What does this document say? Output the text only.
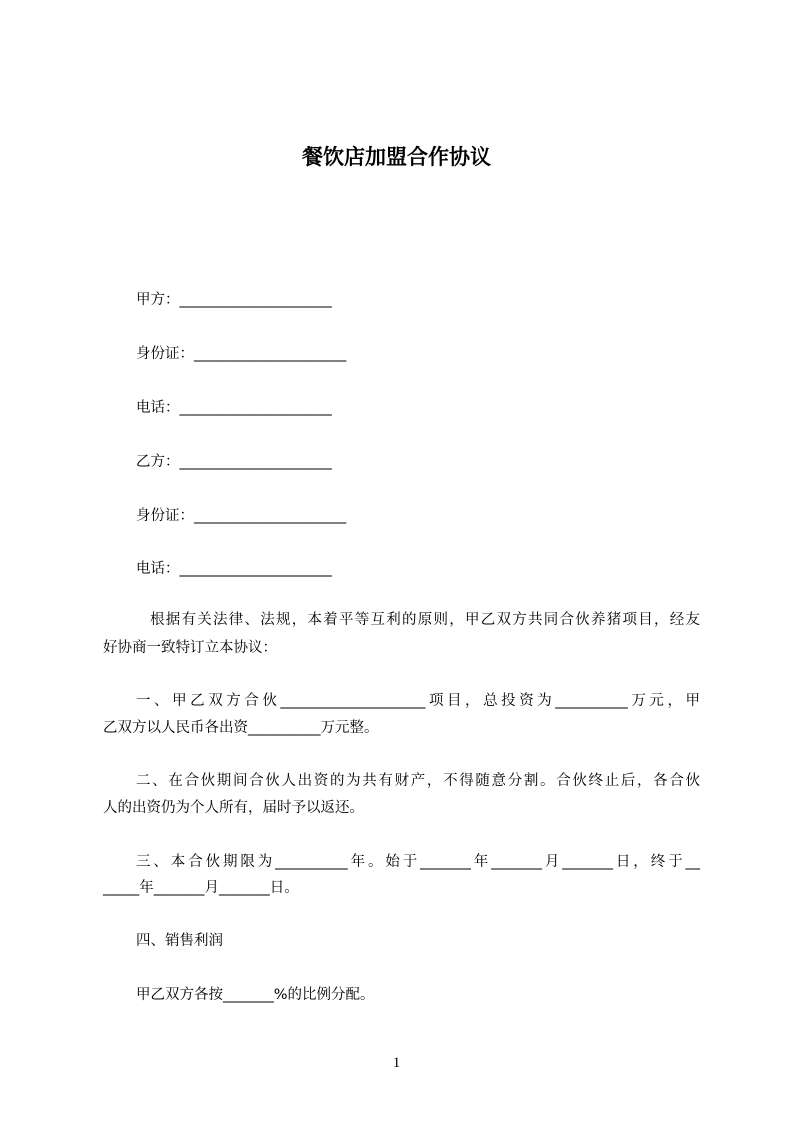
餐饮店加盟合作协议
甲方：_____________________
身份证：_____________________
电话：_____________________
乙方：_____________________
身份证：_____________________
电话：_____________________
根据有关法律、法规，本着平等互利的原则，甲乙双方共同合伙养猪项目，经友
好协商一致特订立本协议：
一、甲乙双方合伙____________________项目，总投资为__________万元，甲
乙双方以人民币各出资__________万元整。
二、在合伙期间合伙人出资的为共有财产，不得随意分割。合伙终止后，各合伙
人的出资仍为个人所有，届时予以返还。
三、本合伙期限为__________年。始于_______年_______月_______日，终于__
_____年_______月_______日。
四、销售利润
甲乙双方各按_______%的比例分配。
1
